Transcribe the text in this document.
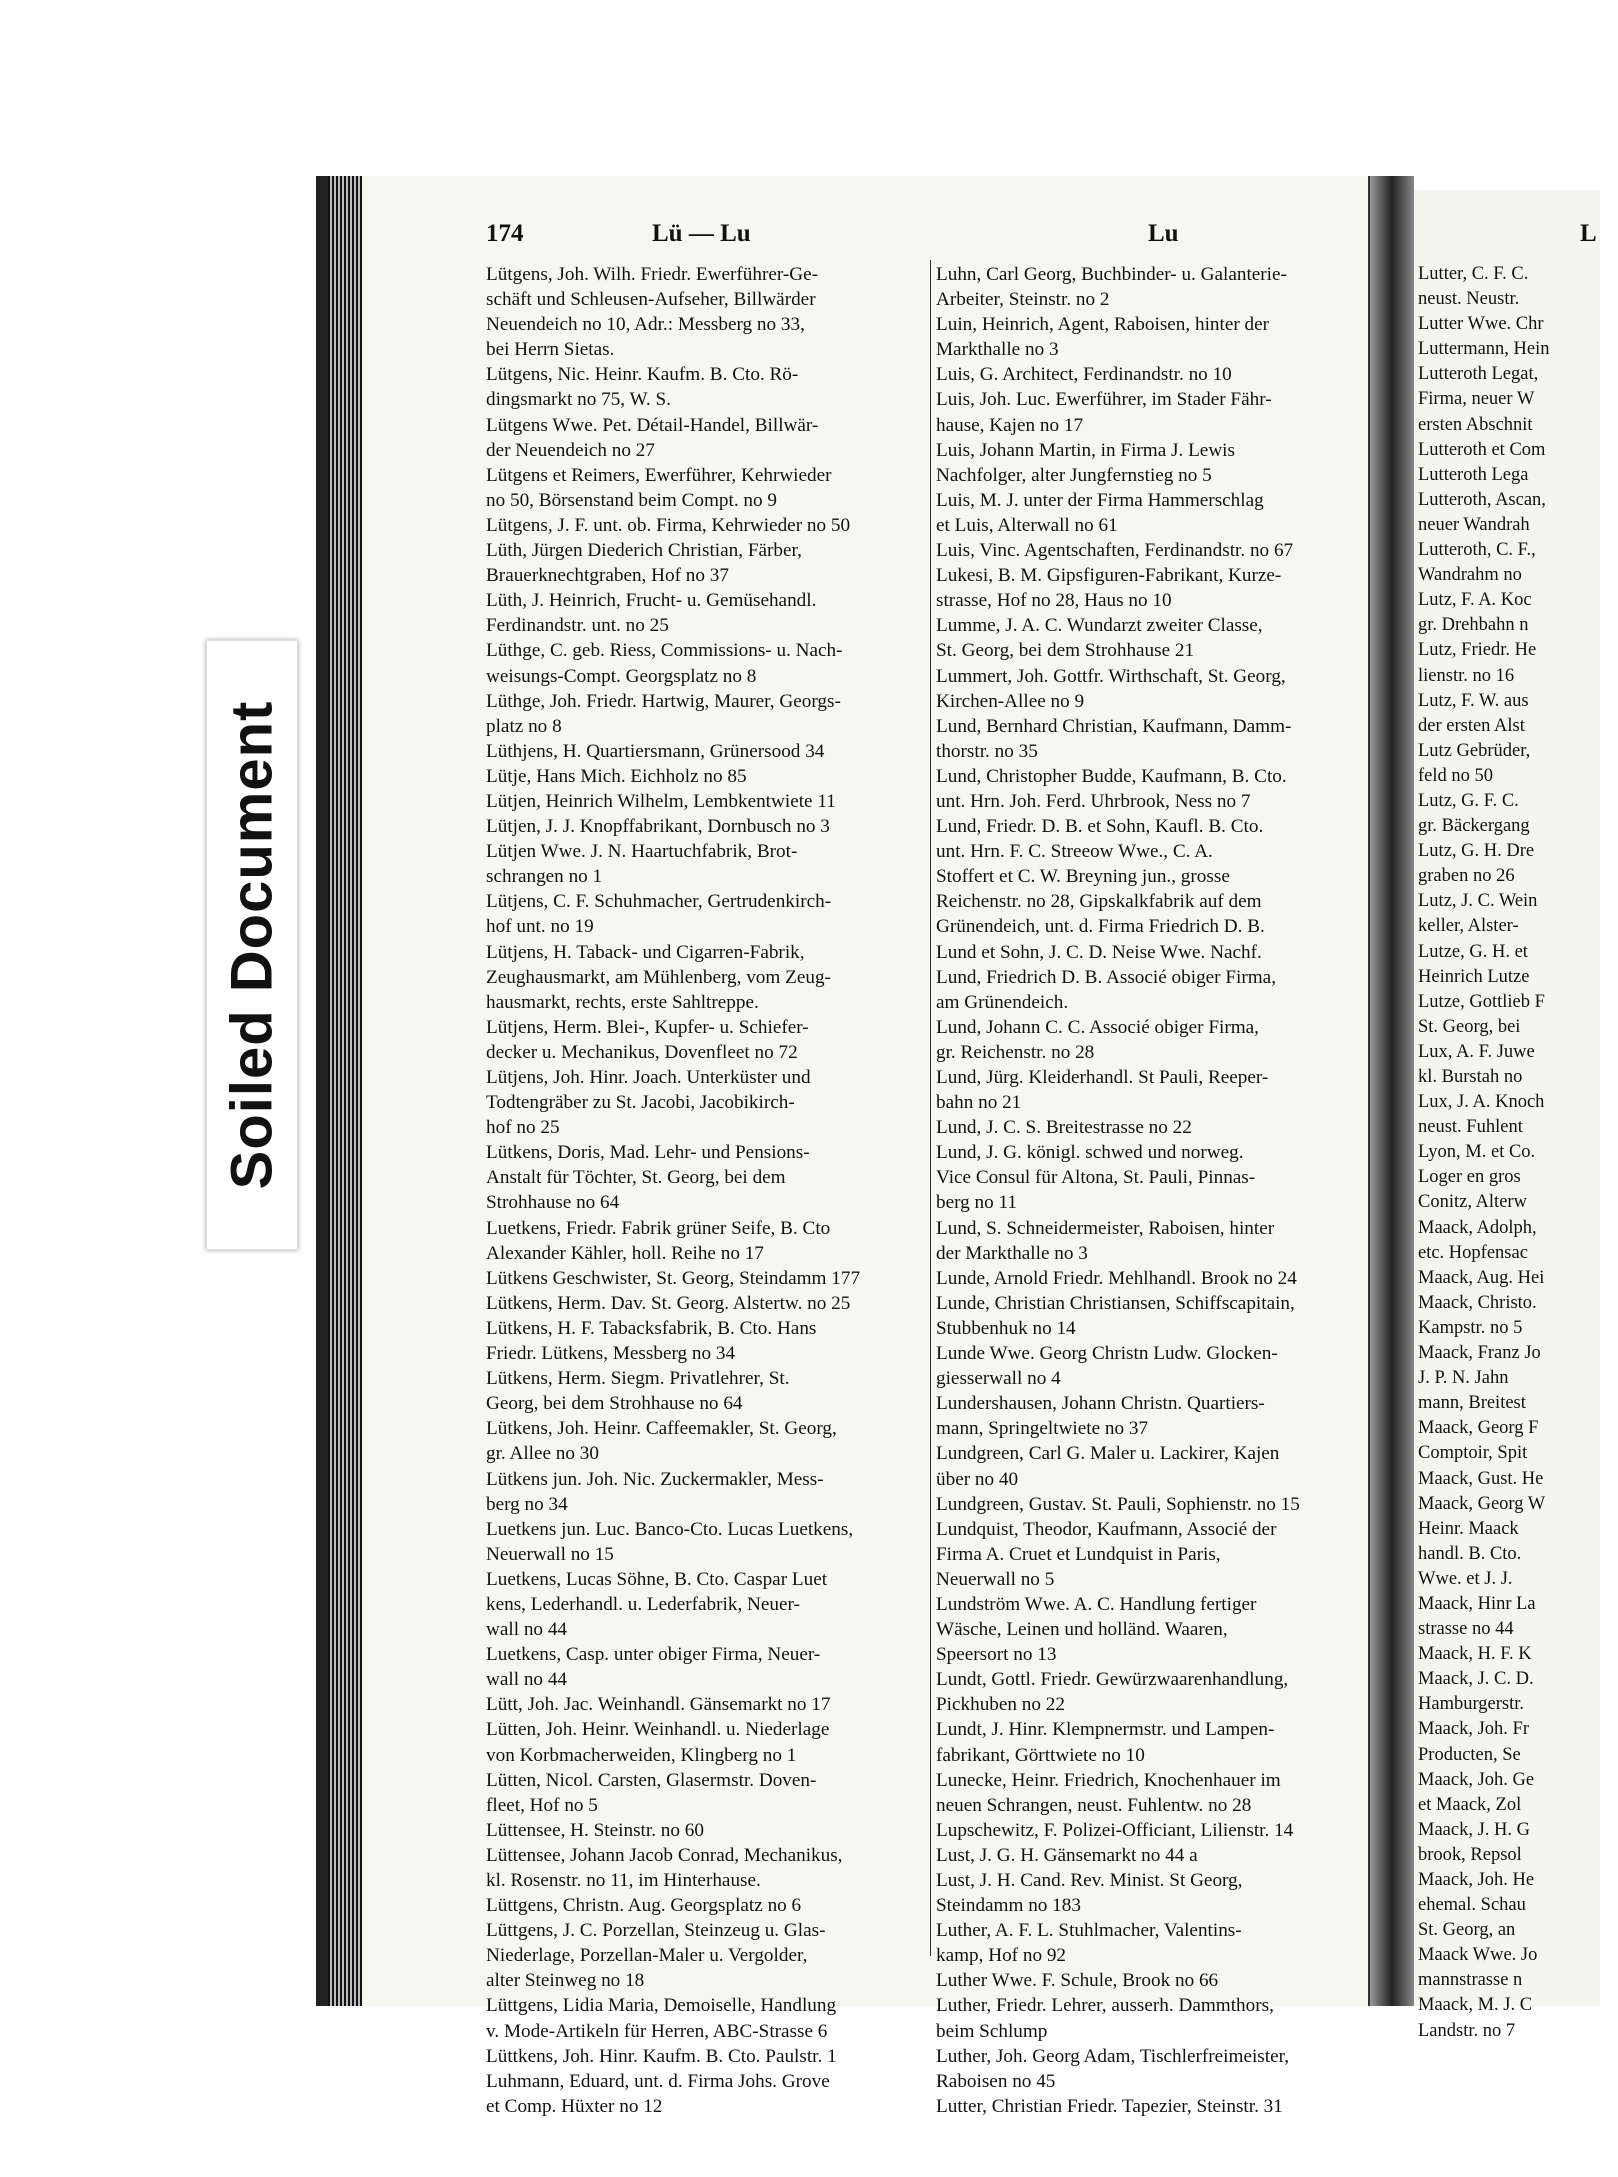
Soiled Document
174	Lü — Lu	Lu
Lütgens, Joh. Wilh. Friedr. Ewerführer-Ge-
schäft und Schleusen-Aufseher, Billwärder
Neuendeich no 10, Adr.: Messberg no 33,
bei Herrn Sietas.
Lütgens, Nic. Heinr. Kaufm. B. Cto. Rö-
dingsmarkt no 75, W. S.
Lütgens Wwe. Pet. Détail-Handel, Billwär-
der Neuendeich no 27
Lütgens et Reimers, Ewerführer, Kehrwieder
no 50, Börsenstand beim Compt. no 9
Lütgens, J. F. unt. ob. Firma, Kehrwieder no 50
Lüth, Jürgen Diederich Christian, Färber,
Brauerknechtgraben, Hof no 37
Lüth, J. Heinrich, Frucht- u. Gemüsehandl.
Ferdinandstr. unt. no 25
Lüthge, C. geb. Riess, Commissions- u. Nach-
weisungs-Compt. Georgsplatz no 8
Lüthge, Joh. Friedr. Hartwig, Maurer, Georgs-
platz no 8
Lüthjens, H. Quartiersmann, Grünersood 34
Lütje, Hans Mich. Eichholz no 85
Lütjen, Heinrich Wilhelm, Lembkentwiete 11
Lütjen, J. J. Knopffabrikant, Dornbusch no 3
Lütjen Wwe. J. N. Haartuchfabrik, Brot-
schrangen no 1
Lütjens, C. F. Schuhmacher, Gertrudenkirch-
hof unt. no 19
Lütjens, H. Taback- und Cigarren-Fabrik,
Zeughausmarkt, am Mühlenberg, vom Zeug-
hausmarkt, rechts, erste Sahltreppe.
Lütjens, Herm. Blei-, Kupfer- u. Schiefer-
decker u. Mechanikus, Dovenfleet no 72
Lütjens, Joh. Hinr. Joach. Unterküster und
Todtengräber zu St. Jacobi, Jacobikirch-
hof no 25
Lütkens, Doris, Mad. Lehr- und Pensions-
Anstalt für Töchter, St. Georg, bei dem
Strohhause no 64
Luetkens, Friedr. Fabrik grüner Seife, B. Cto
Alexander Kähler, holl. Reihe no 17
Lütkens Geschwister, St. Georg, Steindamm 177
Lütkens, Herm. Dav. St. Georg. Alstertw. no 25
Lütkens, H. F. Tabacksfabrik, B. Cto. Hans
Friedr. Lütkens, Messberg no 34
Lütkens, Herm. Siegm. Privatlehrer, St.
Georg, bei dem Strohhause no 64
Lütkens, Joh. Heinr. Caffeemakler, St. Georg,
gr. Allee no 30
Lütkens jun. Joh. Nic. Zuckermakler, Mess-
berg no 34
Luetkens jun. Luc. Banco-Cto. Lucas Luetkens,
Neuerwall no 15
Luetkens, Lucas Söhne, B. Cto. Caspar Luet
kens, Lederhandl. u. Lederfabrik, Neuer-
wall no 44
Luetkens, Casp. unter obiger Firma, Neuer-
wall no 44
Lütt, Joh. Jac. Weinhandl. Gänsemarkt no 17
Lütten, Joh. Heinr. Weinhandl. u. Niederlage
von Korbmacherweiden, Klingberg no 1
Lütten, Nicol. Carsten, Glasermstr. Doven-
fleet, Hof no 5
Lüttensee, H. Steinstr. no 60
Lüttensee, Johann Jacob Conrad, Mechanikus,
kl. Rosenstr. no 11, im Hinterhause.
Lüttgens, Christn. Aug. Georgsplatz no 6
Lüttgens, J. C. Porzellan, Steinzeug u. Glas-
Niederlage, Porzellan-Maler u. Vergolder,
alter Steinweg no 18
Lüttgens, Lidia Maria, Demoiselle, Handlung
v. Mode-Artikeln für Herren, ABC-Strasse 6
Lüttkens, Joh. Hinr. Kaufm. B. Cto. Paulstr. 1
Luhmann, Eduard, unt. d. Firma Johs. Grove
et Comp. Hüxter no 12
Luhn, Carl Georg, Buchbinder- u. Galanterie-
Arbeiter, Steinstr. no 2
Luin, Heinrich, Agent, Raboisen, hinter der
Markthalle no 3
Luis, G. Architect, Ferdinandstr. no 10
Luis, Joh. Luc. Ewerführer, im Stader Fähr-
hause, Kajen no 17
Luis, Johann Martin, in Firma J. Lewis
Nachfolger, alter Jungfernstieg no 5
Luis, M. J. unter der Firma Hammerschlag
et Luis, Alterwall no 61
Luis, Vinc. Agentschaften, Ferdinandstr. no 67
Lukesi, B. M. Gipsfiguren-Fabrikant, Kurze-
strasse, Hof no 28, Haus no 10
Lumme, J. A. C. Wundarzt zweiter Classe,
St. Georg, bei dem Strohhause 21
Lummert, Joh. Gottfr. Wirthschaft, St. Georg,
Kirchen-Allee no 9
Lund, Bernhard Christian, Kaufmann, Damm-
thorstr. no 35
Lund, Christopher Budde, Kaufmann, B. Cto.
unt. Hrn. Joh. Ferd. Uhrbrook, Ness no 7
Lund, Friedr. D. B. et Sohn, Kaufl. B. Cto.
unt. Hrn. F. C. Streeow Wwe., C. A.
Stoffert et C. W. Breyning jun., grosse
Reichenstr. no 28, Gipskalkfabrik auf dem
Grünendeich, unt. d. Firma Friedrich D. B.
Lund et Sohn, J. C. D. Neise Wwe. Nachf.
Lund, Friedrich D. B. Associé obiger Firma,
am Grünendeich.
Lund, Johann C. C. Associé obiger Firma,
gr. Reichenstr. no 28
Lund, Jürg. Kleiderhandl. St Pauli, Reeper-
bahn no 21
Lund, J. C. S. Breitestrasse no 22
Lund, J. G. königl. schwed und norweg.
Vice Consul für Altona, St. Pauli, Pinnas-
berg no 11
Lund, S. Schneidermeister, Raboisen, hinter
der Markthalle no 3
Lunde, Arnold Friedr. Mehlhandl. Brook no 24
Lunde, Christian Christiansen, Schiffscapitain,
Stubbenhuk no 14
Lunde Wwe. Georg Christn Ludw. Glocken-
giesserwall no 4
Lundershausen, Johann Christn. Quartiers-
mann, Springeltwiete no 37
Lundgreen, Carl G. Maler u. Lackirer, Kajen
über no 40
Lundgreen, Gustav. St. Pauli, Sophienstr. no 15
Lundquist, Theodor, Kaufmann, Associé der
Firma A. Cruet et Lundquist in Paris,
Neuerwall no 5
Lundström Wwe. A. C. Handlung fertiger
Wäsche, Leinen und holländ. Waaren,
Speersort no 13
Lundt, Gottl. Friedr. Gewürzwaarenhandlung,
Pickhuben no 22
Lundt, J. Hinr. Klempnermstr. und Lampen-
fabrikant, Görttwiete no 10
Lunecke, Heinr. Friedrich, Knochenhauer im
neuen Schrangen, neust. Fuhlentw. no 28
Lupschewitz, F. Polizei-Officiant, Lilienstr. 14
Lust, J. G. H. Gänsemarkt no 44 a
Lust, J. H. Cand. Rev. Minist. St Georg,
Steindamm no 183
Luther, A. F. L. Stuhlmacher, Valentins-
kamp, Hof no 92
Luther Wwe. F. Schule, Brook no 66
Luther, Friedr. Lehrer, ausserh. Dammthors,
beim Schlump
Luther, Joh. Georg Adam, Tischlerfreimeister,
Raboisen no 45
Lutter, Christian Friedr. Tapezier, Steinstr. 31
L
Lutter, C. F. C.
neust. Neustr.
Lutter Wwe. Chr
Luttermann, Hein
Lutteroth Legat,
Firma, neuer W
ersten Abschnit
Lutteroth et Com
Lutteroth Lega
Lutteroth, Ascan,
neuer Wandrah
Lutteroth, C. F.,
Wandrahm no
Lutz, F. A. Koc
gr. Drehbahn n
Lutz, Friedr. He
lienstr. no 16
Lutz, F. W. aus
der ersten Alst
Lutz Gebrüder,
feld no 50
Lutz, G. F. C.
gr. Bäckergang
Lutz, G. H. Dre
graben no 26
Lutz, J. C. Wein
keller, Alster-
Lutze, G. H. et
Heinrich Lutze
Lutze, Gottlieb F
St. Georg, bei
Lux, A. F. Juwe
kl. Burstah no
Lux, J. A. Knoch
neust. Fuhlent
Lyon, M. et Co.
Loger en gros
Conitz, Alterw
Maack, Adolph,
etc. Hopfensac
Maack, Aug. Hei
Maack, Christo.
Kampstr. no 5
Maack, Franz Jo
J. P. N. Jahn
mann, Breitest
Maack, Georg F
Comptoir, Spit
Maack, Gust. He
Maack, Georg W
Heinr. Maack
handl. B. Cto.
Wwe. et J. J.
Maack, Hinr La
strasse no 44
Maack, H. F. K
Maack, J. C. D.
Hamburgerstr.
Maack, Joh. Fr
Producten, Se
Maack, Joh. Ge
et Maack, Zol
Maack, J. H. G
brook, Repsol
Maack, Joh. He
ehemal. Schau
St. Georg, an
Maack Wwe. Jo
mannstrasse n
Maack, M. J. C
Landstr. no 7
